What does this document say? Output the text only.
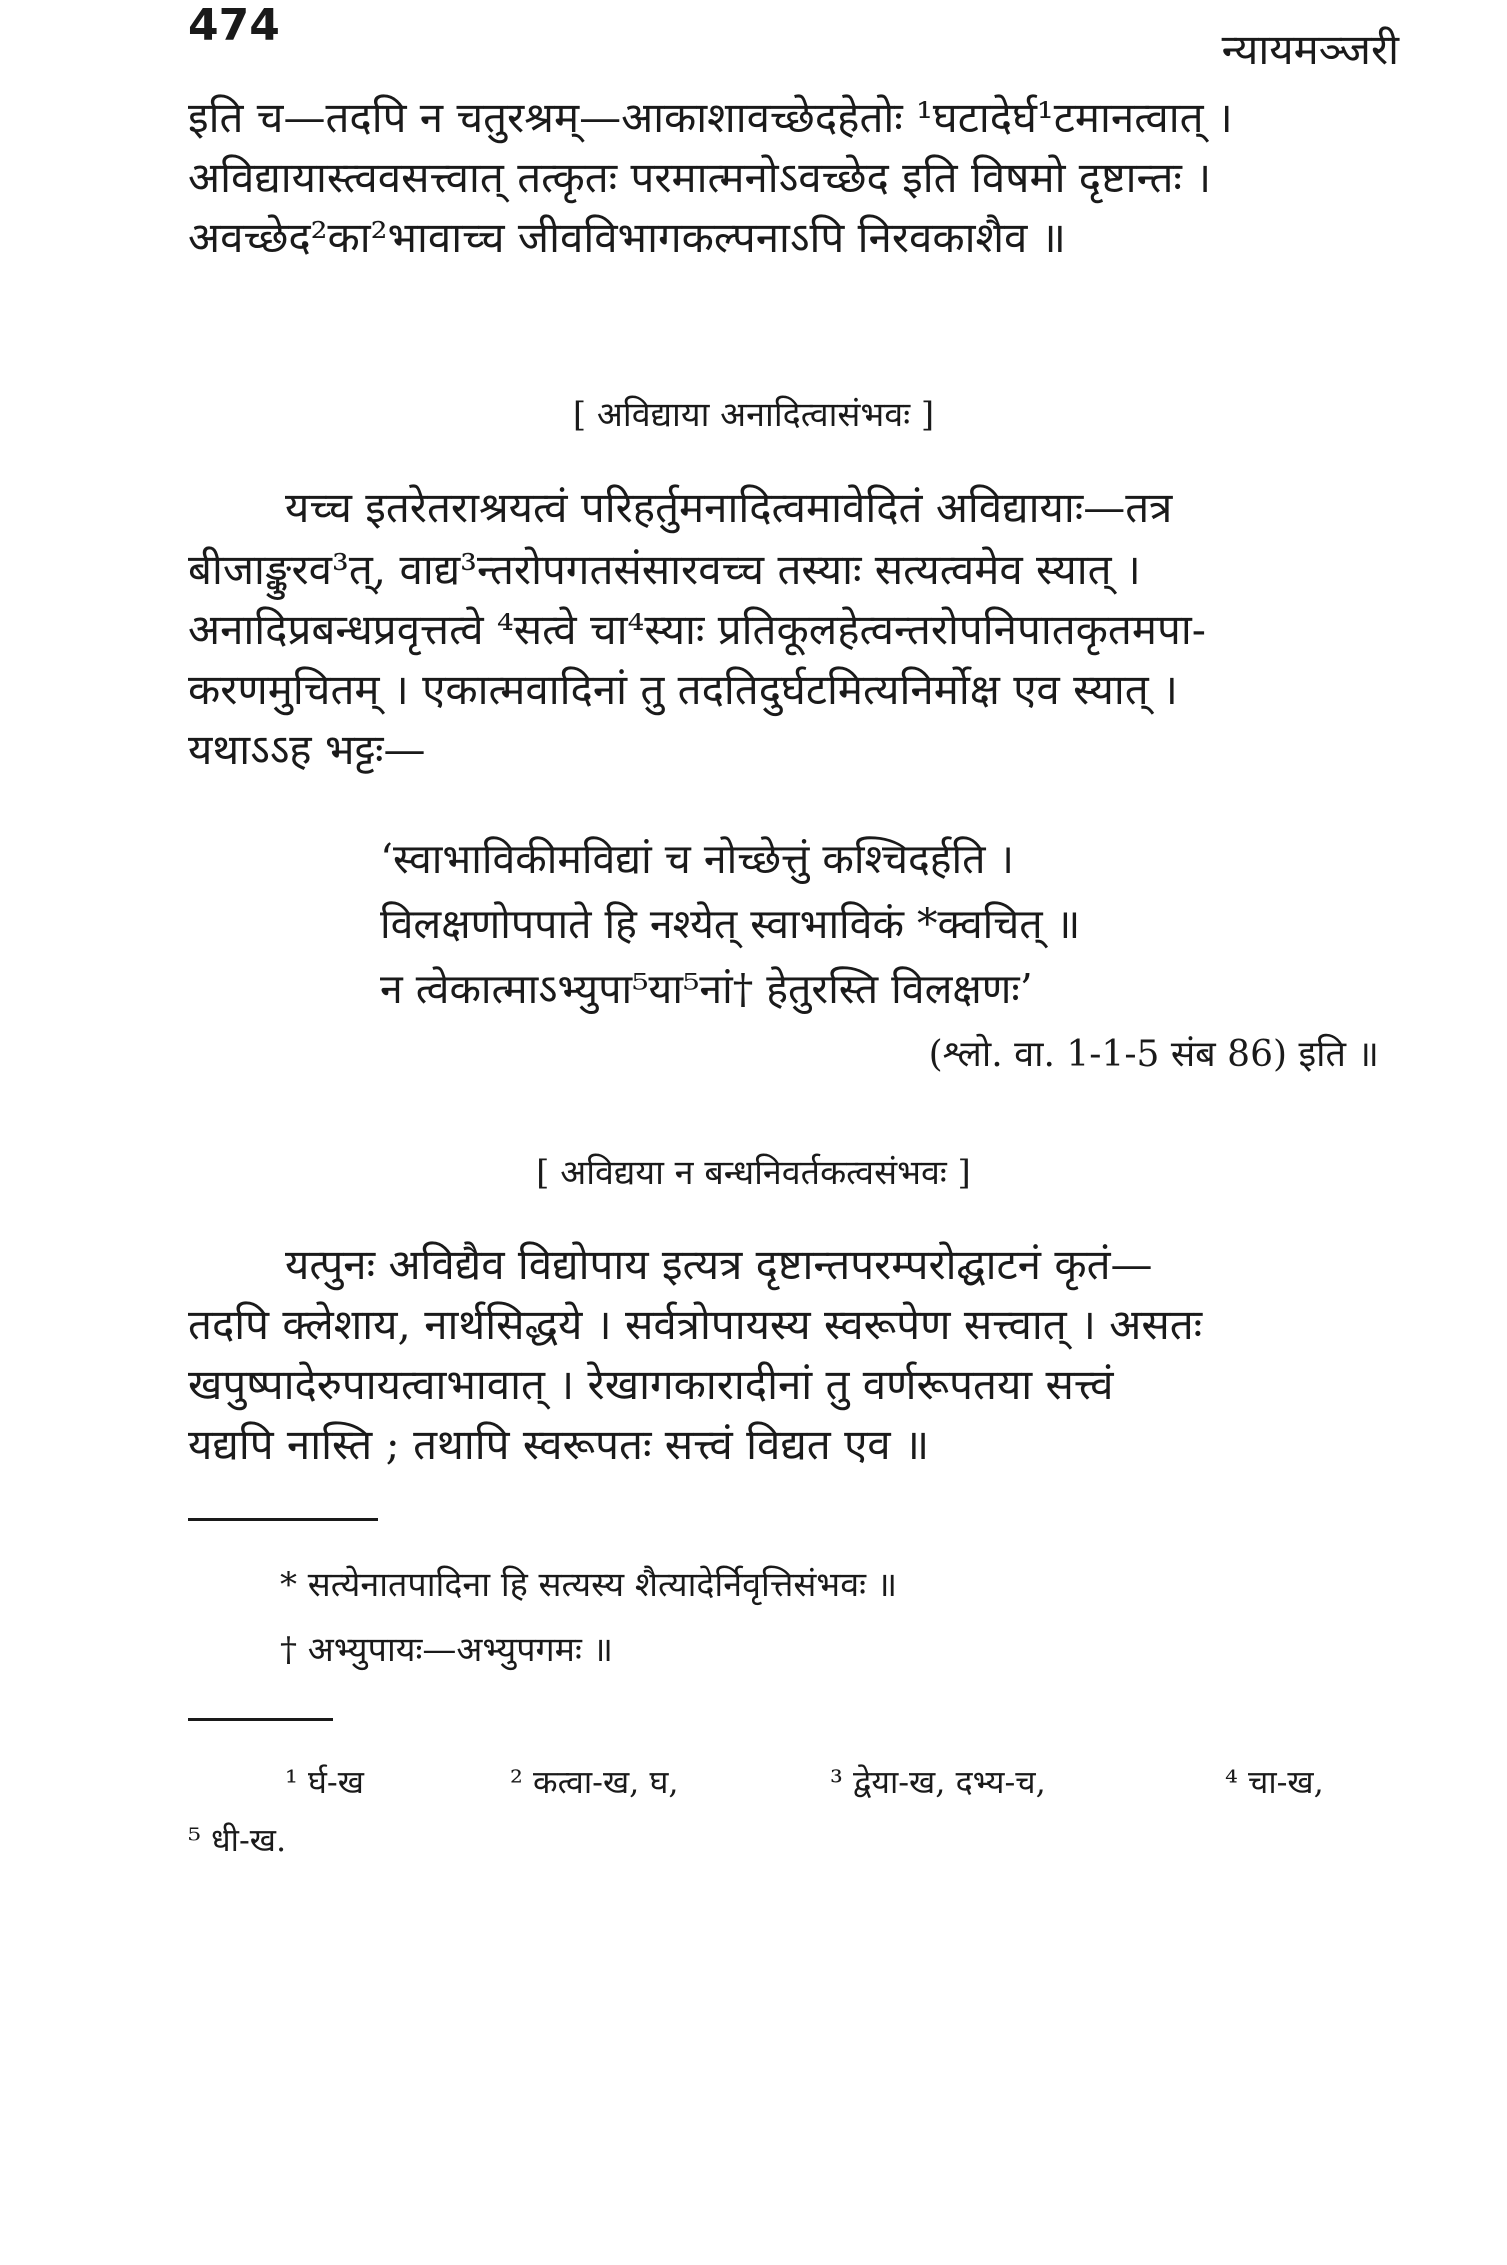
474	न्यायमञ्जरी
इति च—तदपि न चतुरश्रम्—आकाशावच्छेदहेतोः ¹घटादेर्घ¹टमानत्वात् ।
अविद्यायास्त्ववसत्त्वात् तत्कृतः परमात्मनोऽवच्छेद इति विषमो दृष्टान्तः ।
अवच्छेद²का²भावाच्च जीवविभागकल्पनाऽपि निरवकाशैव ॥
[ अविद्याया अनादित्वासंभवः ]
यच्च इतरेतराश्रयत्वं परिहर्तुमनादित्वमावेदितं अविद्यायाः—तत्र
बीजाङ्कुरव³त्, वाद्य³न्तरोपगतसंसारवच्च तस्याः सत्यत्वमेव स्यात् ।
अनादिप्रबन्धप्रवृत्तत्वे ⁴सत्वे चा⁴स्याः प्रतिकूलहेत्वन्तरोपनिपातकृतमपा-
करणमुचितम् । एकात्मवादिनां तु तदतिदुर्घटमित्यनिर्मोक्ष एव स्यात् ।
यथाऽऽह भट्टः—
‘स्वाभाविकीमविद्यां च नोच्छेत्तुं कश्चिदर्हति ।
विलक्षणोपपाते हि नश्येत् स्वाभाविकं *क्वचित् ॥
न त्वेकात्माऽभ्युपा⁵या⁵नां† हेतुरस्ति विलक्षणः’
(श्लो. वा. 1-1-5 संब 86) इति ॥
[ अविद्यया न बन्धनिवर्तकत्वसंभवः ]
यत्पुनः अविद्यैव विद्योपाय इत्यत्र दृष्टान्तपरम्परोद्घाटनं कृतं—
तदपि क्लेशाय, नार्थसिद्धये । सर्वत्रोपायस्य स्वरूपेण सत्त्वात् । असतः
खपुष्पादेरुपायत्वाभावात् । रेखागकारादीनां तु वर्णरूपतया सत्त्वं
यद्यपि नास्ति ; तथापि स्वरूपतः सत्त्वं विद्यत एव ॥
* सत्येनातपादिना हि सत्यस्य शैत्यादेर्निवृत्तिसंभवः ॥
† अभ्युपायः—अभ्युपगमः ॥
¹ र्घ-ख	² कत्वा-ख, घ,	³ द्वेया-ख, दभ्य-च,	⁴ चा-ख,
⁵ धी-ख.
